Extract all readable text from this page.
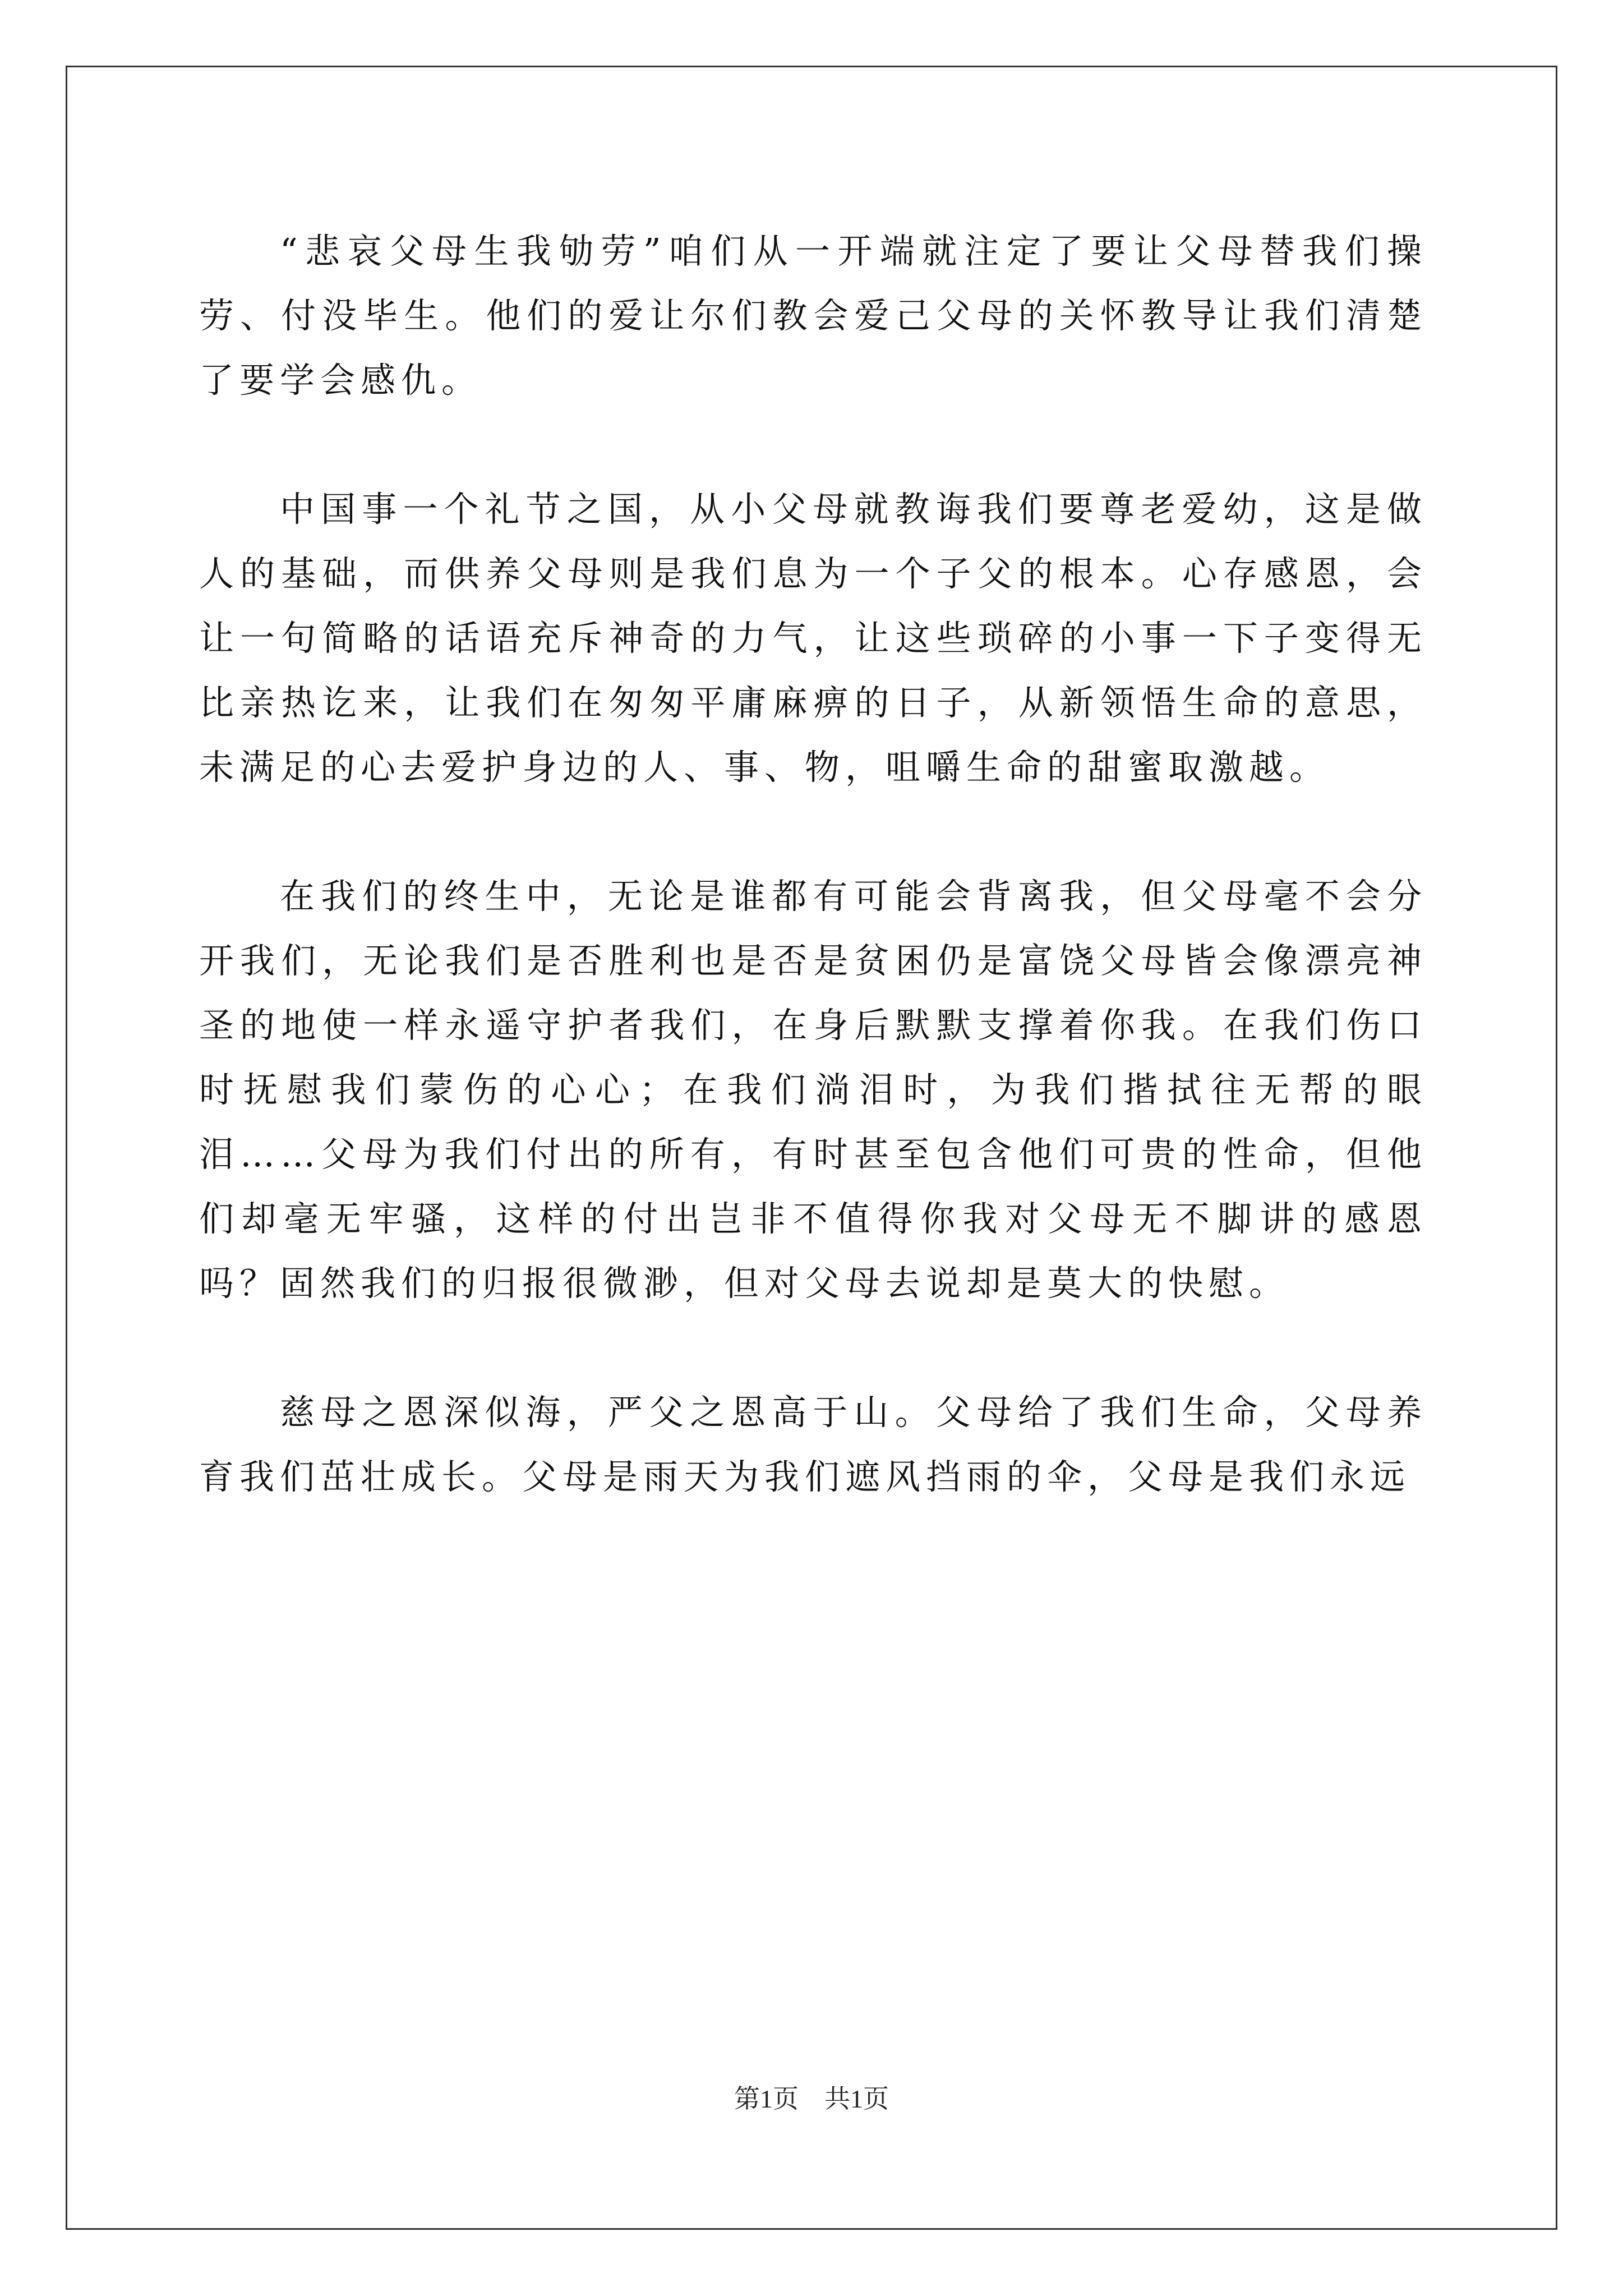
“悲哀父母生我劬劳”咱们从一开端就注定了要让父母替我们操劳、付没毕生。他们的爱让尔们教会爱己父母的关怀教导让我们清楚了要学会感仇。

中国事一个礼节之国，从小父母就教诲我们要尊老爱幼，这是做人的基础，而供养父母则是我们息为一个子父的根本。心存感恩，会让一句简略的话语充斥神奇的力气，让这些琐碎的小事一下子变得无比亲热讫来，让我们在匆匆平庸麻痹的日子，从新领悟生命的意思，未满足的心去爱护身边的人、事、物，咀嚼生命的甜蜜取激越。

在我们的终生中，无论是谁都有可能会背离我，但父母毫不会分开我们，无论我们是否胜利也是否是贫困仍是富饶父母皆会像漂亮神圣的地使一样永遥守护者我们，在身后默默支撑着你我。在我们伤口时抚慰我们蒙伤的心心；在我们淌泪时，为我们揩拭往无帮的眼泪……父母为我们付出的所有，有时甚至包含他们可贵的性命，但他们却毫无牢骚，这样的付出岂非不值得你我对父母无不脚讲的感恩吗？固然我们的归报很微渺，但对父母去说却是莫大的快慰。

慈母之恩深似海，严父之恩高于山。父母给了我们生命，父母养育我们茁壮成长。父母是雨天为我们遮风挡雨的伞，父母是我们永远

第1页　共1页
